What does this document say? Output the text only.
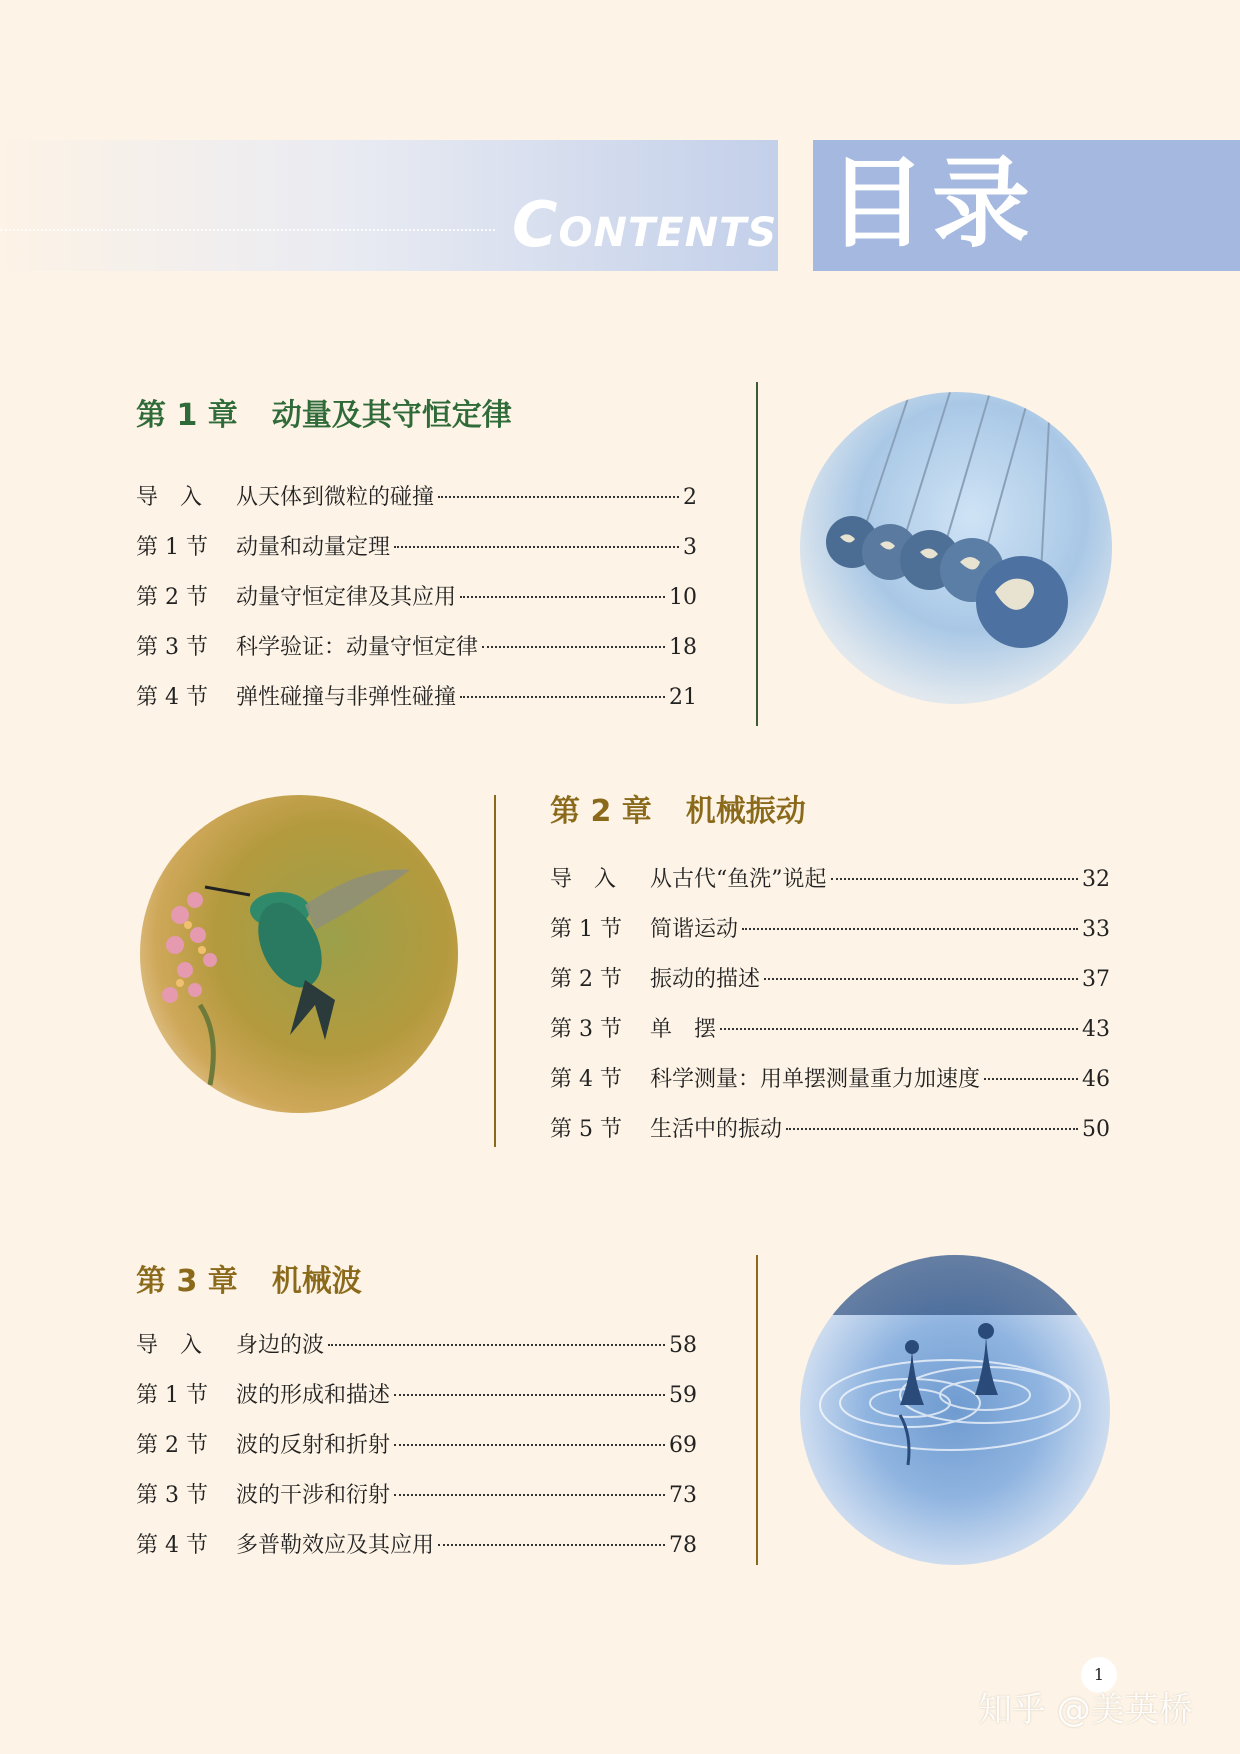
CONTENTS 目录
第 1 章 动量及其守恒定律
导　入	从天体到微粒的碰撞	2
第 1 节	动量和动量定理	3
第 2 节	动量守恒定律及其应用	10
第 3 节	科学验证：动量守恒定律	18
第 4 节	弹性碰撞与非弹性碰撞	21
第 2 章 机械振动
导　入	从古代“鱼洗”说起	32
第 1 节	简谐运动	33
第 2 节	振动的描述	37
第 3 节	单　摆	43
第 4 节	科学测量：用单摆测量重力加速度	46
第 5 节	生活中的振动	50
第 3 章 机械波
导　入	身边的波	58
第 1 节	波的形成和描述	59
第 2 节	波的反射和折射	69
第 3 节	波的干涉和衍射	73
第 4 节	多普勒效应及其应用	78
1
知乎 @美英桥
